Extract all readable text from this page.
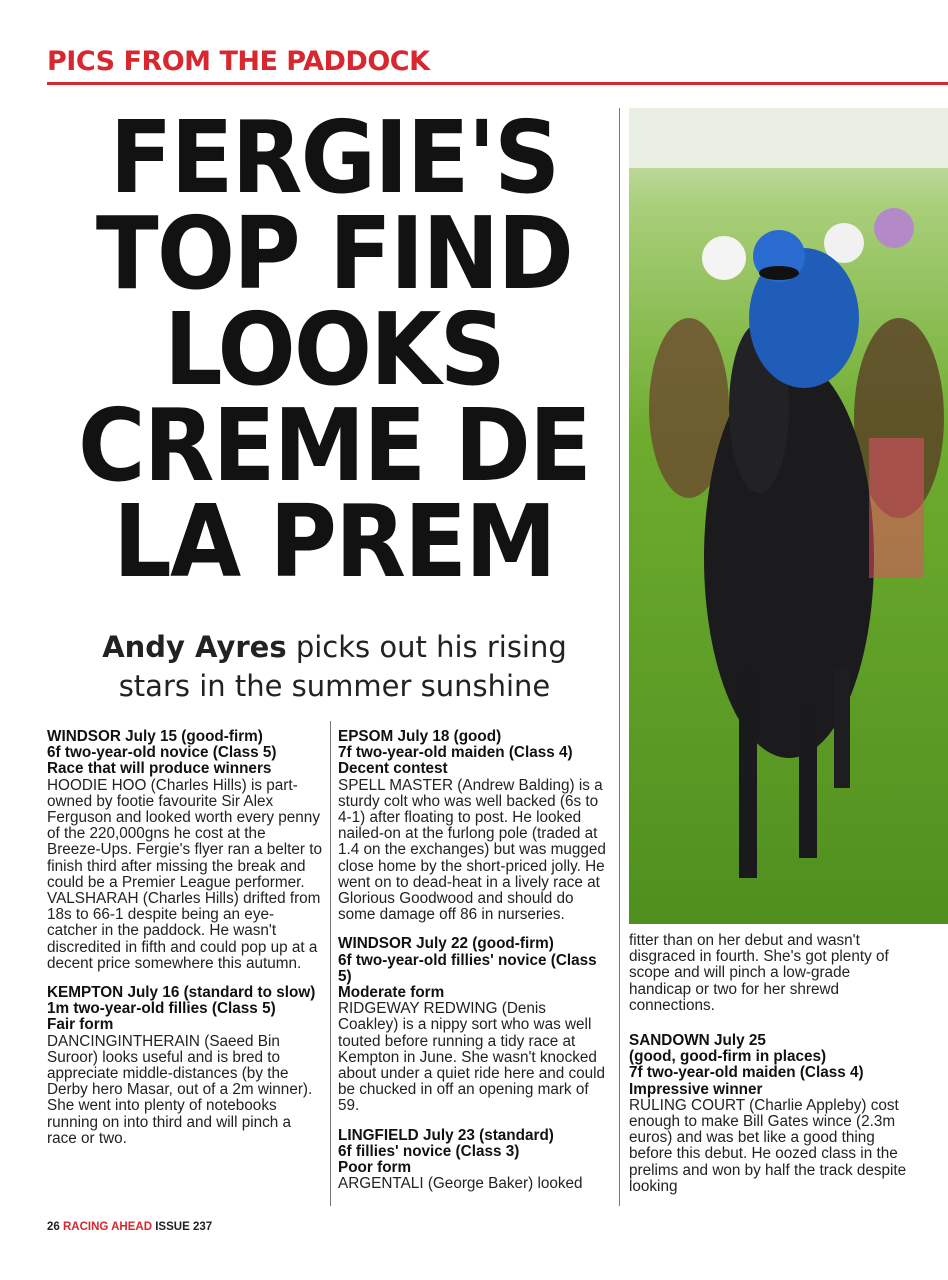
PICS FROM THE PADDOCK
FERGIE'S
TOP FIND
LOOKS
CREME DE
LA PREM
Andy Ayres picks out his rising
stars in the summer sunshine
WINDSOR July 15 (good-firm)
6f two-year-old novice (Class 5)
Race that will produce winners

HOODIE HOO (Charles Hills) is part-owned by footie favourite Sir Alex Ferguson and looked worth every penny of the 220,000gns he cost at the Breeze-Ups. Fergie's flyer ran a belter to finish third after missing the break and could be a Premier League performer.

VALSHARAH (Charles Hills) drifted from 18s to 66-1 despite being an eye-catcher in the paddock. He wasn't discredited in fifth and could pop up at a decent price somewhere this autumn.

KEMPTON July 16 (standard to slow)
1m two-year-old fillies (Class 5)
Fair form

DANCINGINTHERAIN (Saeed Bin Suroor) looks useful and is bred to appreciate middle-distances (by the Derby hero Masar, out of a 2m winner). She went into plenty of notebooks running on into third and will pinch a race or two.

EPSOM July 18 (good)
7f two-year-old maiden (Class 4)
Decent contest

SPELL MASTER (Andrew Balding) is a sturdy colt who was well backed (6s to 4-1) after floating to post. He looked nailed-on at the furlong pole (traded at 1.4 on the exchanges) but was mugged close home by the short-priced jolly. He went on to dead-heat in a lively race at Glorious Goodwood and should do some damage off 86 in nurseries.

WINDSOR July 22 (good-firm)
6f two-year-old fillies' novice (Class 5)
Moderate form

RIDGEWAY REDWING (Denis Coakley) is a nippy sort who was well touted before running a tidy race at Kempton in June. She wasn't knocked about under a quiet ride here and could be chucked in off an opening mark of 59.

LINGFIELD July 23 (standard)
6f fillies' novice (Class 3)
Poor form

ARGENTALI (George Baker) looked

fitter than on her debut and wasn't disgraced in fourth. She's got plenty of scope and will pinch a low-grade handicap or two for her shrewd connections.

SANDOWN July 25
(good, good-firm in places)
7f two-year-old maiden (Class 4)
Impressive winner

RULING COURT (Charlie Appleby) cost enough to make Bill Gates wince (2.3m euros) and was bet like a good thing before this debut. He oozed class in the prelims and won by half the track despite looking

26 RACING AHEAD ISSUE 237
